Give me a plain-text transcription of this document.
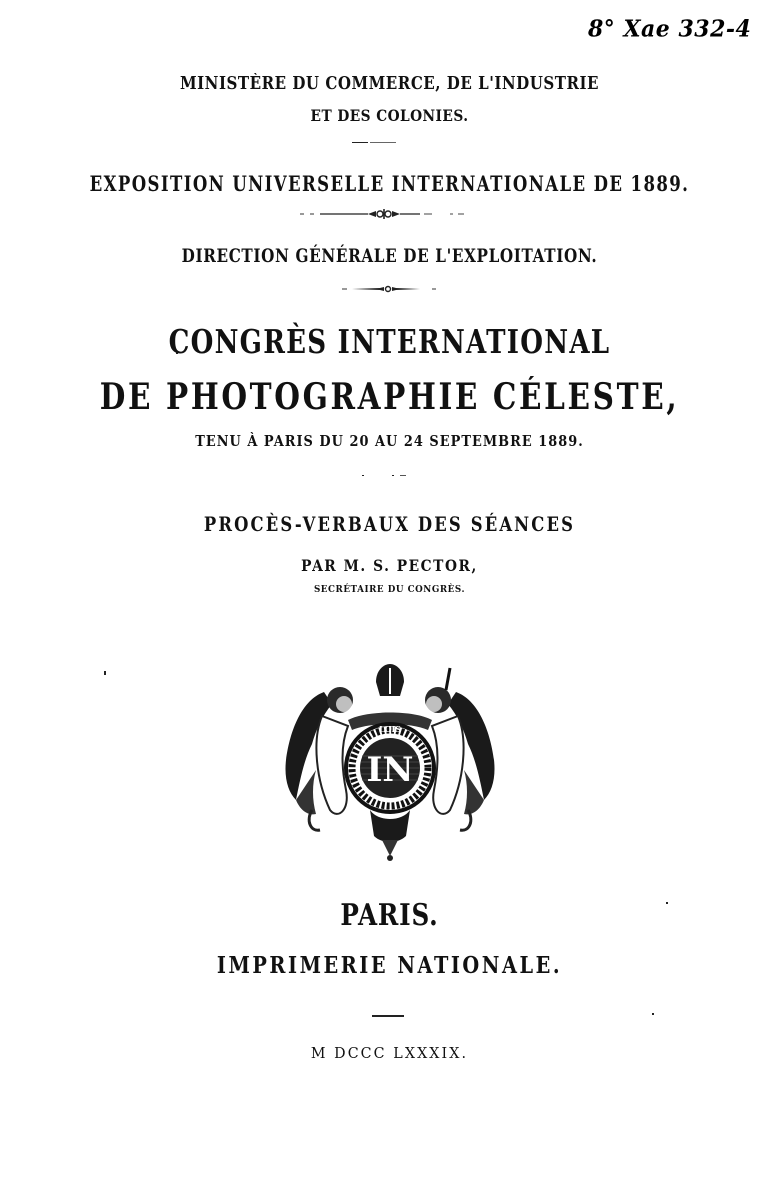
8° Xae 332-4
MINISTÈRE DU COMMERCE, DE L'INDUSTRIE
ET DES COLONIES.
EXPOSITION UNIVERSELLE INTERNATIONALE DE 1889.
DIRECTION GÉNÉRALE DE L'EXPLOITATION.
CONGRÈS INTERNATIONAL
DE PHOTOGRAPHIE CÉLESTE,
TENU À PARIS DU 20 AU 24 SEPTEMBRE 1889.
PROCÈS-VERBAUX DES SÉANCES
PAR M. S. PECTOR,
SECRÉTAIRE DU CONGRÈS.
IN
LOIS
PARIS.
IMPRIMERIE NATIONALE.
M DCCC LXXXIX.
